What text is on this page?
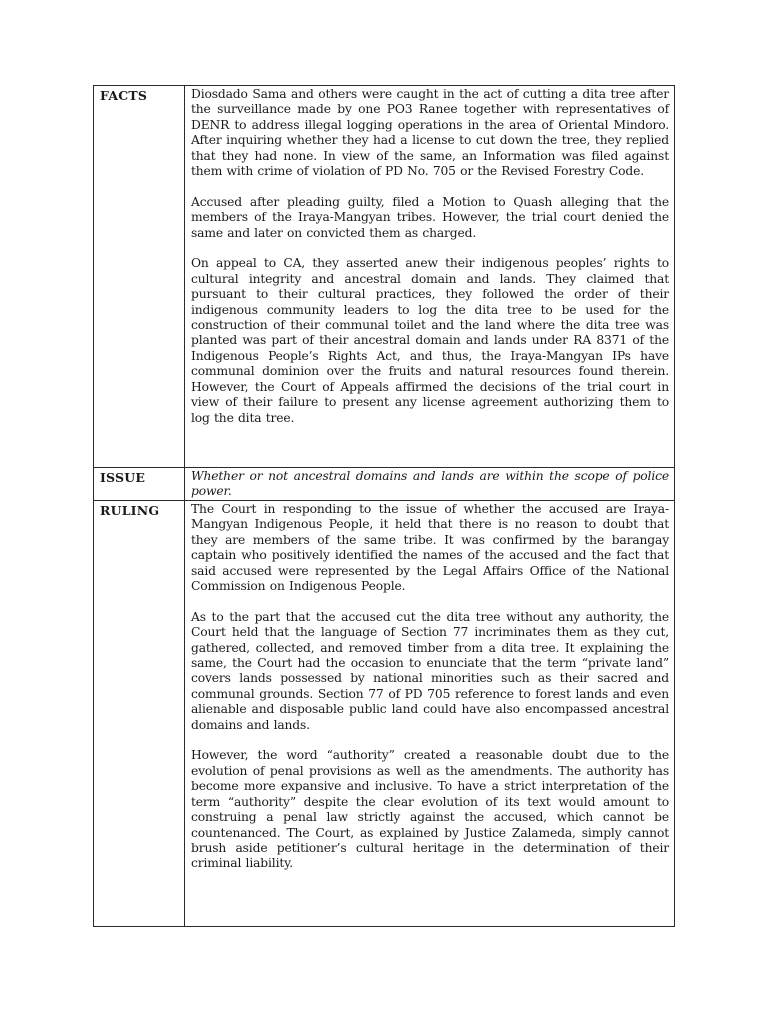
FACTS	Diosdado Sama and others were caught in the act of cutting a dita tree after the surveillance made by one PO3 Ranee together with representatives of DENR to address illegal logging operations in the area of Oriental Mindoro. After inquiring whether they had a license to cut down the tree, they replied that they had none. In view of the same, an Information was filed against them with crime of violation of PD No. 705 or the Revised Forestry Code.

Accused after pleading guilty, filed a Motion to Quash alleging that the members of the Iraya-Mangyan tribes. However, the trial court denied the same and later on convicted them as charged.

On appeal to CA, they asserted anew their indigenous peoples’ rights to cultural integrity and ancestral domain and lands. They claimed that pursuant to their cultural practices, they followed the order of their indigenous community leaders to log the dita tree to be used for the construction of their communal toilet and the land where the dita tree was planted was part of their ancestral domain and lands under RA 8371 of the Indigenous People’s Rights Act, and thus, the Iraya-Mangyan IPs have communal dominion over the fruits and natural resources found therein. However, the Court of Appeals affirmed the decisions of the trial court in view of their failure to present any license agreement authorizing them to log the dita tree.

ISSUE	Whether or not ancestral domains and lands are within the scope of police power.

RULING	The Court in responding to the issue of whether the accused are Iraya-Mangyan Indigenous People, it held that there is no reason to doubt that they are members of the same tribe. It was confirmed by the barangay captain who positively identified the names of the accused and the fact that said accused were represented by the Legal Affairs Office of the National Commission on Indigenous People.

As to the part that the accused cut the dita tree without any authority, the Court held that the language of Section 77 incriminates them as they cut, gathered, collected, and removed timber from a dita tree. It explaining the same, the Court had the occasion to enunciate that the term “private land” covers lands possessed by national minorities such as their sacred and communal grounds. Section 77 of PD 705 reference to forest lands and even alienable and disposable public land could have also encompassed ancestral domains and lands.

However, the word “authority” created a reasonable doubt due to the evolution of penal provisions as well as the amendments. The authority has become more expansive and inclusive. To have a strict interpretation of the term “authority” despite the clear evolution of its text would amount to construing a penal law strictly against the accused, which cannot be countenanced. The Court, as explained by Justice Zalameda, simply cannot brush aside petitioner’s cultural heritage in the determination of their criminal liability.
